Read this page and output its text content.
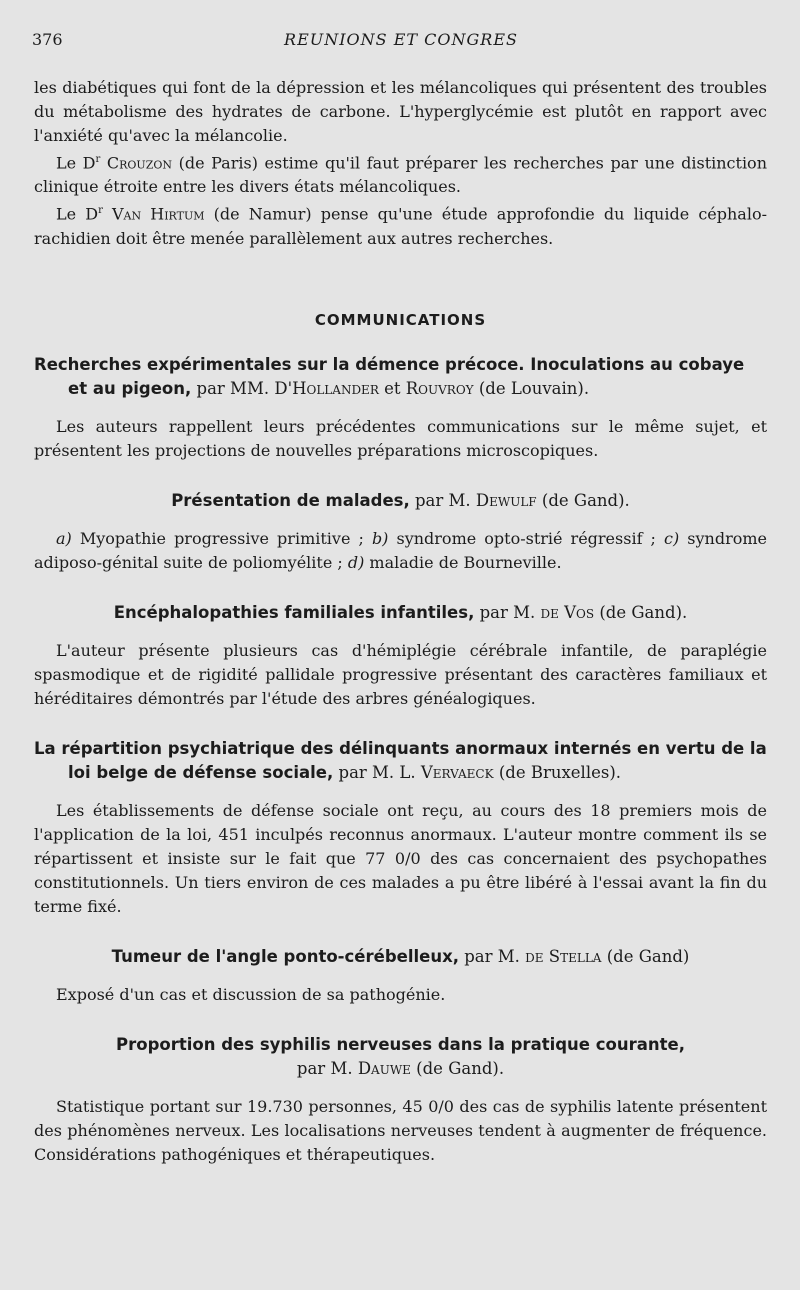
376	REUNIONS ET CONGRES

les diabétiques qui font de la dépression et les mélancoliques qui présentent des troubles du métabolisme des hydrates de carbone. L'hyperglycémie est plutôt en rapport avec l'anxiété qu'avec la mélancolie.

Le $D^r$ Crouzon (de Paris) estime qu'il faut préparer les recherches par une distinction clinique étroite entre les divers états mélancoliques.

Le $D^r$ Van Hirtum (de Namur) pense qu'une étude approfondie du liquide céphalo-rachidien doit être menée parallèlement aux autres recherches.

COMMUNICATIONS
Recherches expérimentales sur la démence précoce. Inoculations au cobaye et au pigeon, par MM. D'Hollander et Rouvroy (de Louvain).

Les auteurs rappellent leurs précédentes communications sur le même sujet, et présentent les projections de nouvelles préparations microscopiques.

Présentation de malades, par M. Dewulf (de Gand).

a) Myopathie progressive primitive ; b) syndrome opto-strié régressif ; c) syndrome adiposo-génital suite de poliomyélite ; d) maladie de Bourneville.

Encéphalopathies familiales infantiles, par M. de Vos (de Gand).

L'auteur présente plusieurs cas d'hémiplégie cérébrale infantile, de paraplégie spasmodique et de rigidité pallidale progressive présentant des caractères familiaux et héréditaires démontrés par l'étude des arbres généalogiques.

La répartition psychiatrique des délinquants anormaux internés en vertu de la loi belge de défense sociale, par M. L. Vervaeck (de Bruxelles).

Les établissements de défense sociale ont reçu, au cours des 18 premiers mois de l'application de la loi, 451 inculpés reconnus anormaux. L'auteur montre comment ils se répartissent et insiste sur le fait que 77 0/0 des cas concernaient des psychopathes constitutionnels. Un tiers environ de ces malades a pu être libéré à l'essai avant la fin du terme fixé.

Tumeur de l'angle ponto-cérébelleux, par M. de Stella (de Gand)

Exposé d'un cas et discussion de sa pathogénie.

Proportion des syphilis nerveuses dans la pratique courante,
par M. Dauwe (de Gand).

Statistique portant sur 19.730 personnes, 45 0/0 des cas de syphilis latente présentent des phénomènes nerveux. Les localisations nerveuses tendent à augmenter de fréquence. Considérations pathogéniques et thérapeutiques.
